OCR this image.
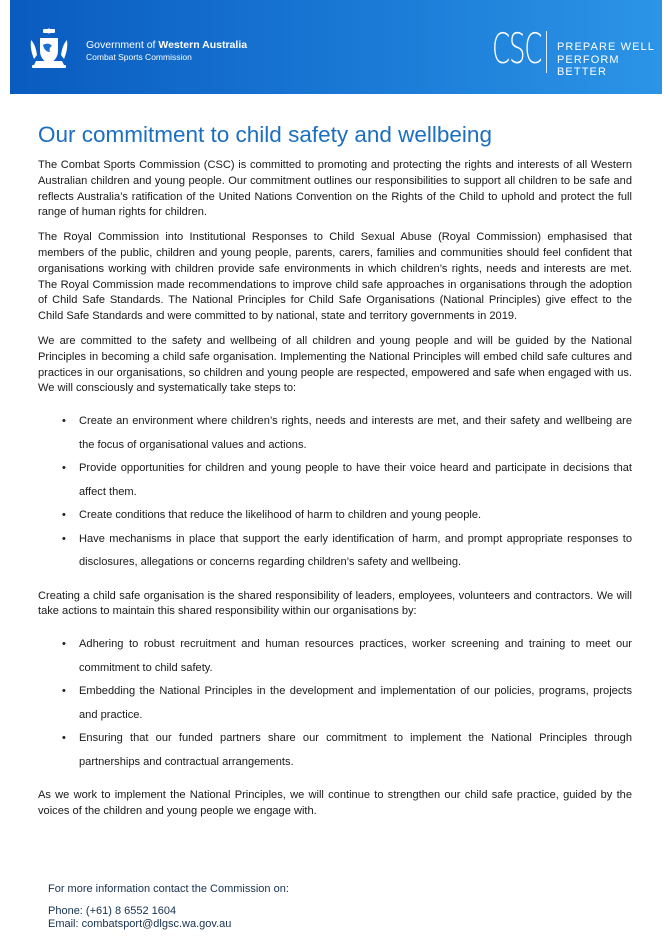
Government of Western Australia
Combat Sports Commission	CSC PREPARE WELL
PERFORM BETTER
Our commitment to child safety and wellbeing

The Combat Sports Commission (CSC) is committed to promoting and protecting the rights and interests of all Western Australian children and young people. Our commitment outlines our responsibilities to support all children to be safe and reflects Australia’s ratification of the United Nations Convention on the Rights of the Child to uphold and protect the full range of human rights for children.

The Royal Commission into Institutional Responses to Child Sexual Abuse (Royal Commission) emphasised that members of the public, children and young people, parents, carers, families and communities should feel confident that organisations working with children provide safe environments in which children’s rights, needs and interests are met. The Royal Commission made recommendations to improve child safe approaches in organisations through the adoption of Child Safe Standards. The National Principles for Child Safe Organisations (National Principles) give effect to the Child Safe Standards and were committed to by national, state and territory governments in 2019.

We are committed to the safety and wellbeing of all children and young people and will be guided by the National Principles in becoming a child safe organisation. Implementing the National Principles will embed child safe cultures and practices in our organisations, so children and young people are respected, empowered and safe when engaged with us. We will consciously and systematically take steps to:

• Create an environment where children’s rights, needs and interests are met, and their safety and wellbeing are the focus of organisational values and actions.
• Provide opportunities for children and young people to have their voice heard and participate in decisions that affect them.
• Create conditions that reduce the likelihood of harm to children and young people.
• Have mechanisms in place that support the early identification of harm, and prompt appropriate responses to disclosures, allegations or concerns regarding children’s safety and wellbeing.

Creating a child safe organisation is the shared responsibility of leaders, employees, volunteers and contractors. We will take actions to maintain this shared responsibility within our organisations by:

• Adhering to robust recruitment and human resources practices, worker screening and training to meet our commitment to child safety.
• Embedding the National Principles in the development and implementation of our policies, programs, projects and practice.
• Ensuring that our funded partners share our commitment to implement the National Principles through partnerships and contractual arrangements.

As we work to implement the National Principles, we will continue to strengthen our child safe practice, guided by the voices of the children and young people we engage with.

For more information contact the Commission on:
Phone: (+61) 8 6552 1604
Email: combatsport@dlgsc.wa.gov.au
